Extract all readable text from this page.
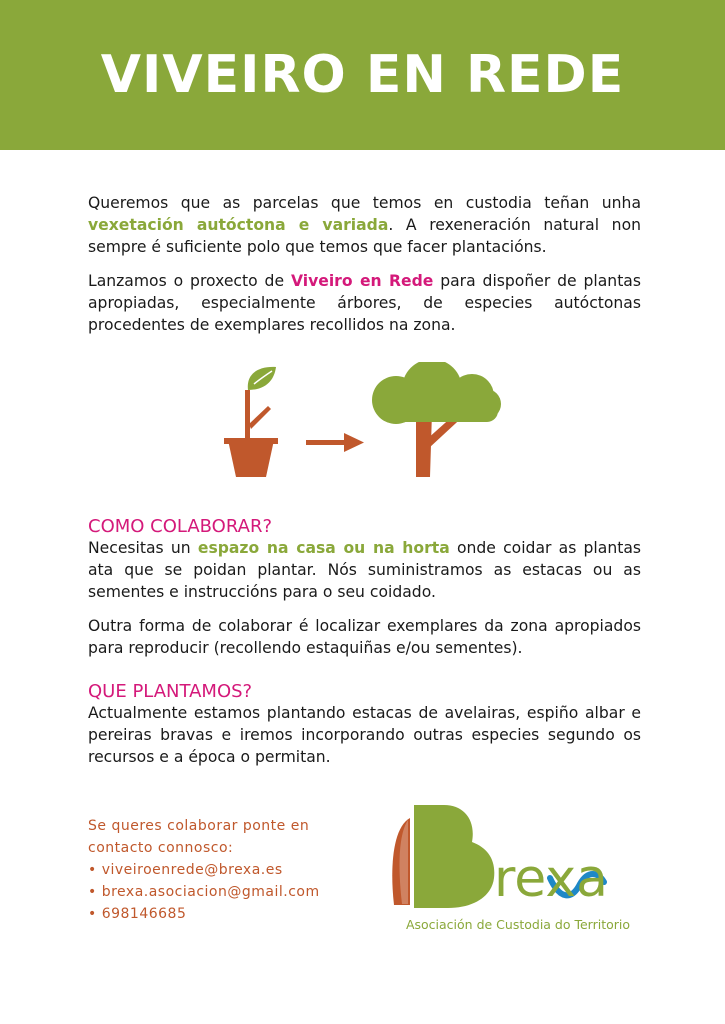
VIVEIRO EN REDE

Queremos que as parcelas que temos en custodia teñan unha vexetación autóctona e variada. A rexeneración natural non sempre é suficiente polo que temos que facer plantacións.

Lanzamos o proxecto de Viveiro en Rede para dispoñer de plantas apropiadas, especialmente árbores, de especies autóctonas procedentes de exemplares recollidos na zona.

COMO COLABORAR?

Necesitas un espazo na casa ou na horta onde coidar as plantas ata que se poidan plantar. Nós suministramos as estacas ou as sementes e instruccións para o seu coidado.

Outra forma de colaborar é localizar exemplares da zona apropiados para reproducir (recollendo estaquiñas e/ou sementes).

QUE PLANTAMOS?

Actualmente estamos plantando estacas de avelairas, espiño albar e pereiras bravas e iremos incorporando outras especies segundo os recursos e a época o permitan.

Se queres colaborar ponte en
contacto connosco:
• viveiroenrede@brexa.es
• brexa.asociacion@gmail.com
• 698146685
rexa
Asociación de Custodia do Territorio
